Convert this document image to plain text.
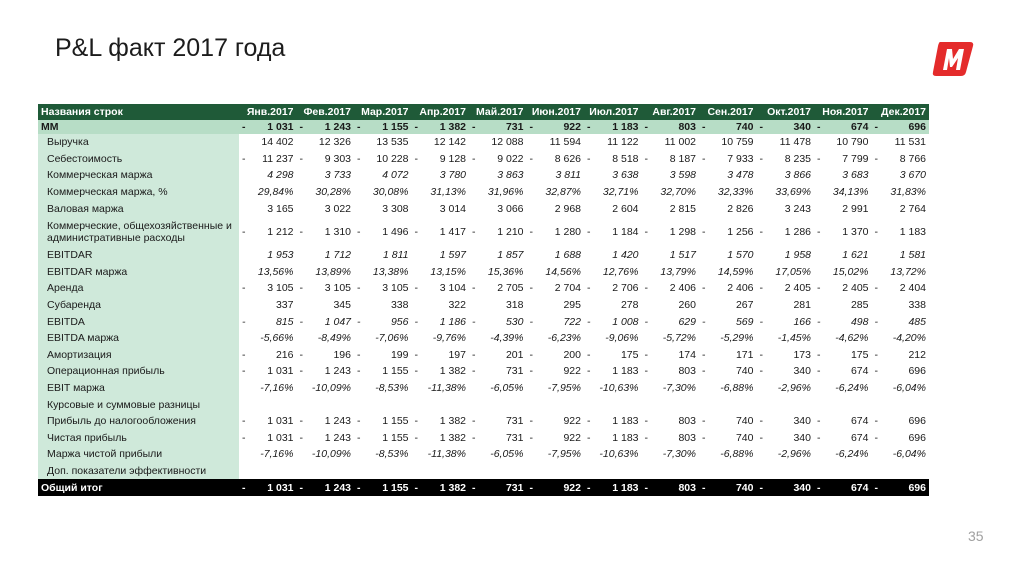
P&L факт 2017 года
Названия строк	Янв.2017	Фев.2017	Мар.2017	Апр.2017	Май.2017	Июн.2017	Июл.2017	Авг.2017	Сен.2017	Окт.2017	Ноя.2017	Дек.2017
MM	- 1 031	- 1 243	- 1 155	- 1 382	- 731	- 922	- 1 183	- 803	- 740	- 340	- 674	- 696
Выручка	14 402	12 326	13 535	12 142	12 088	11 594	11 122	11 002	10 759	11 478	10 790	11 531
Себестоимость	- 11 237	- 9 303	- 10 228	- 9 128	- 9 022	- 8 626	- 8 518	- 8 187	- 7 933	- 8 235	- 7 799	- 8 766
Коммерческая маржа	4 298	3 733	4 072	3 780	3 863	3 811	3 638	3 598	3 478	3 866	3 683	3 670
Коммерческая маржа, %	29,84%	30,28%	30,08%	31,13%	31,96%	32,87%	32,71%	32,70%	32,33%	33,69%	34,13%	31,83%
Валовая маржа	3 165	3 022	3 308	3 014	3 066	2 968	2 604	2 815	2 826	3 243	2 991	2 764
Коммерческие, общехозяйственные и административные расходы	- 1 212	- 1 310	- 1 496	- 1 417	- 1 210	- 1 280	- 1 184	- 1 298	- 1 256	- 1 286	- 1 370	- 1 183
EBITDAR	1 953	1 712	1 811	1 597	1 857	1 688	1 420	1 517	1 570	1 958	1 621	1 581
EBITDAR маржа	13,56%	13,89%	13,38%	13,15%	15,36%	14,56%	12,76%	13,79%	14,59%	17,05%	15,02%	13,72%
Аренда	- 3 105	- 3 105	- 3 105	- 3 104	- 2 705	- 2 704	- 2 706	- 2 406	- 2 406	- 2 405	- 2 405	- 2 404
Субаренда	337	345	338	322	318	295	278	260	267	281	285	338
EBITDA	- 815	- 1 047	- 956	- 1 186	- 530	- 722	- 1 008	- 629	- 569	- 166	- 498	- 485
EBITDA маржа	-5,66%	-8,49%	-7,06%	-9,76%	-4,39%	-6,23%	-9,06%	-5,72%	-5,29%	-1,45%	-4,62%	-4,20%
Амортизация	- 216	- 196	- 199	- 197	- 201	- 200	- 175	- 174	- 171	- 173	- 175	- 212
Операционная прибыль	- 1 031	- 1 243	- 1 155	- 1 382	- 731	- 922	- 1 183	- 803	- 740	- 340	- 674	- 696
EBIT маржа	-7,16%	-10,09%	-8,53%	-11,38%	-6,05%	-7,95%	-10,63%	-7,30%	-6,88%	-2,96%	-6,24%	-6,04%
Курсовые и суммовые разницы												
Прибыль до налогообложения	- 1 031	- 1 243	- 1 155	- 1 382	- 731	- 922	- 1 183	- 803	- 740	- 340	- 674	- 696
Чистая прибыль	- 1 031	- 1 243	- 1 155	- 1 382	- 731	- 922	- 1 183	- 803	- 740	- 340	- 674	- 696
Маржа чистой прибыли	-7,16%	-10,09%	-8,53%	-11,38%	-6,05%	-7,95%	-10,63%	-7,30%	-6,88%	-2,96%	-6,24%	-6,04%
Доп. показатели эффективности												
Общий итог	- 1 031	- 1 243	- 1 155	- 1 382	- 731	- 922	- 1 183	- 803	- 740	- 340	- 674	- 696
35
